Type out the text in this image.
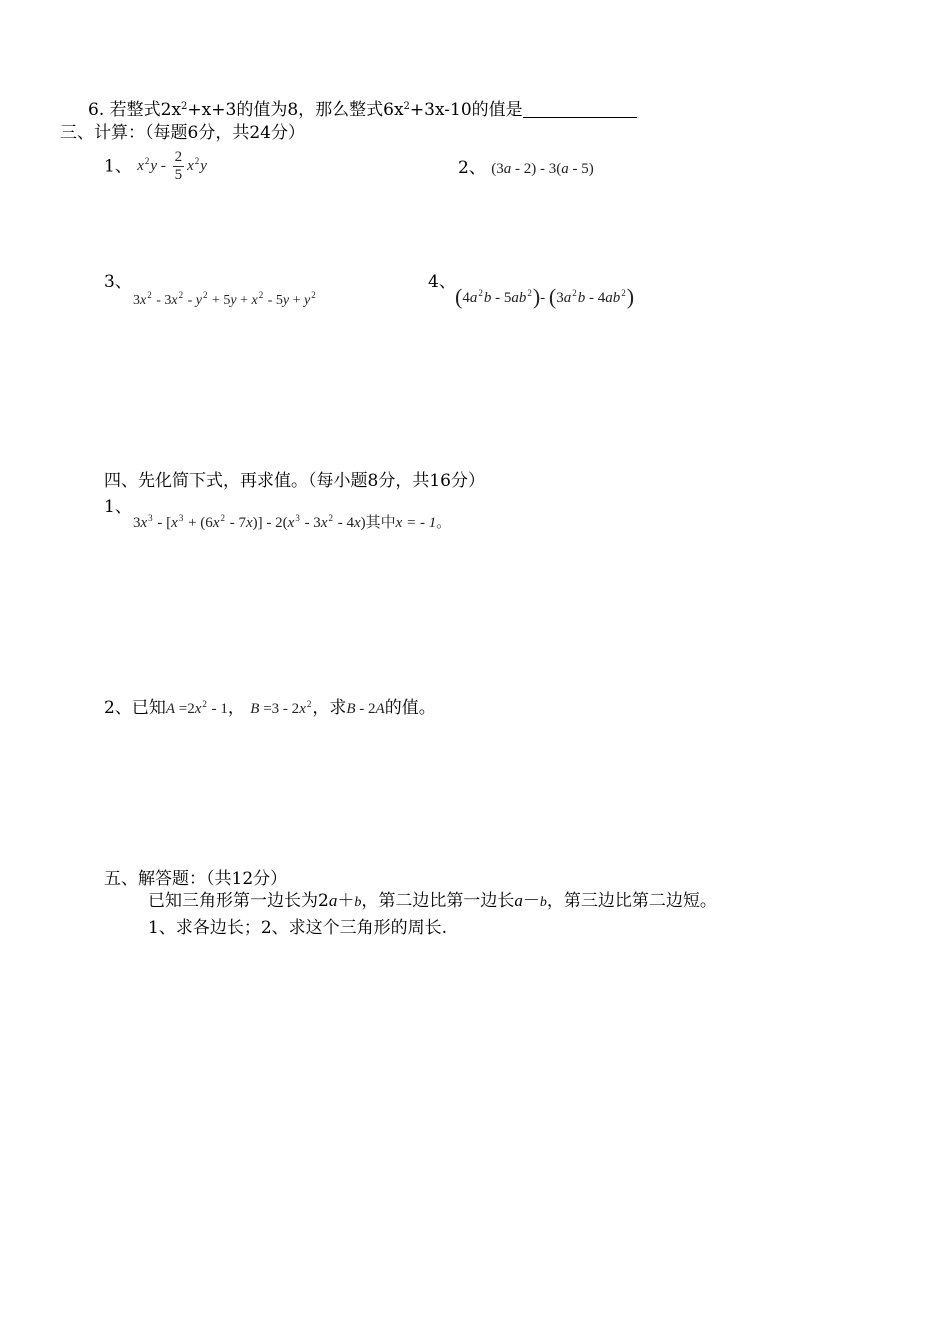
6. 若整式$2x^2+x+3$的值为8，那么整式$6x^2+3x-10$的值是
三、计算：（每题6分，共24分）
1、 $x^2y - \frac{2}{5} x^2y$	2、 (3a - 2) - 3(a - 5)
3、
$3x^2 - 3x^2 - y^2 + 5y + x^2 - 5y + y^2$
4、
$(4a^2b - 5ab^2)-$ $(3a^2b - 4ab^2)$
四、先化简下式，再求值。（每小题8分，共16分）
1、
$3x^3 - [x^3 + (6x^2 - 7x)] - 2(x^3 - 3x^2 - 4x)$其中x = - 1。
2、已知$A =2x^2 - 1$， $B =3 - 2x^2$，求B - 2A的值。
五、解答题：（共12分）
已知三角形第一边长为2a＋b，第二边比第一边长a－b，第三边比第二边短。
1、求各边长；2、求这个三角形的周长.
